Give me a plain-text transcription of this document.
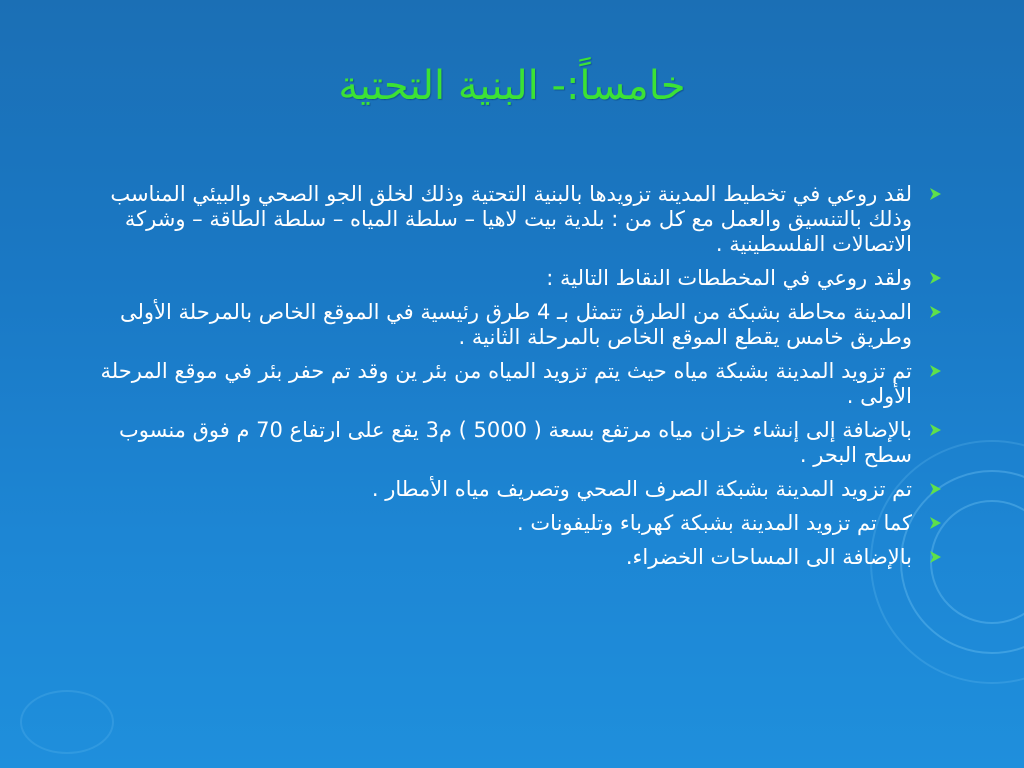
خامساً:- البنية التحتية
لقد روعي في تخطيط المدينة تزويدها بالبنية التحتية وذلك لخلق الجو الصحي والبيئي المناسب وذلك بالتنسيق والعمل مع كل من : بلدية بيت لاهيا – سلطة المياه – سلطة الطاقة – وشركة الاتصالات الفلسطينية .
ولقد روعي في المخططات النقاط التالية :
المدينة محاطة بشبكة من الطرق تتمثل بـ 4 طرق رئيسية في الموقع الخاص بالمرحلة الأولى وطريق خامس يقطع الموقع الخاص بالمرحلة الثانية .
تم تزويد المدينة بشبكة مياه حيث يتم تزويد المياه من بئر ين وقد تم حفر بئر في موقع المرحلة الأولى .
بالإضافة إلى إنشاء خزان مياه مرتفع بسعة ( 5000 ) م3 يقع على ارتفاع 70 م فوق منسوب سطح البحر .
تم تزويد المدينة بشبكة الصرف الصحي وتصريف مياه الأمطار .
كما تم تزويد المدينة بشبكة كهرباء وتليفونات .
بالإضافة الى المساحات الخضراء.
